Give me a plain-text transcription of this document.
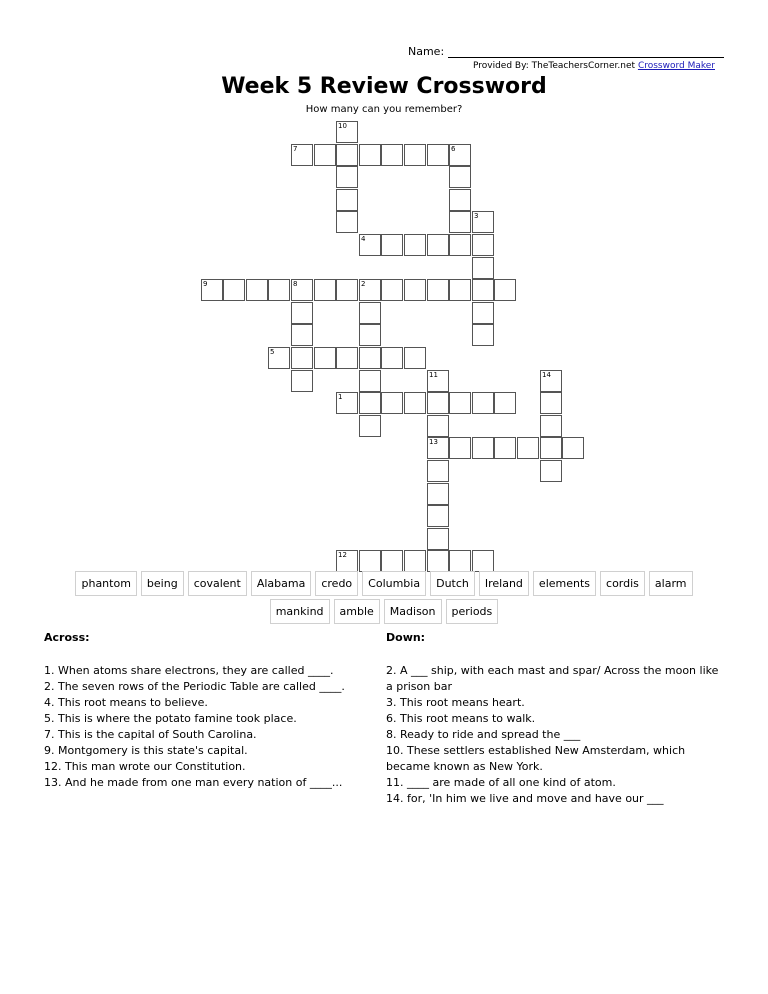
Name:
Provided By: TheTeachersCorner.net Crossword Maker
Week 5 Review Crossword
How many can you remember?
1
2
4
5
7	6
9	8
12
13
3
10
11	14
phantom	being	covalent	Alabama	credo	Columbia	Dutch	Ireland	elements	cordis	alarm
mankind	amble	Madison	periods
Across:	Down:

1. When atoms share electrons, they are called ____.

2. The seven rows of the Periodic Table are called ____.

4. This root means to believe.

5. This is where the potato famine took place.

7. This is the capital of South Carolina.

9. Montgomery is this state's capital.

12. This man wrote our Constitution.

13. And he made from one man every nation of ____...

2. A ___ ship, with each mast and spar/ Across the moon like a prison bar

3. This root means heart.

6. This root means to walk.

8. Ready to ride and spread the ___

10. These settlers established New Amsterdam, which became known as New York.

11. ____ are made of all one kind of atom.

14. for, 'In him we live and move and have our ___
